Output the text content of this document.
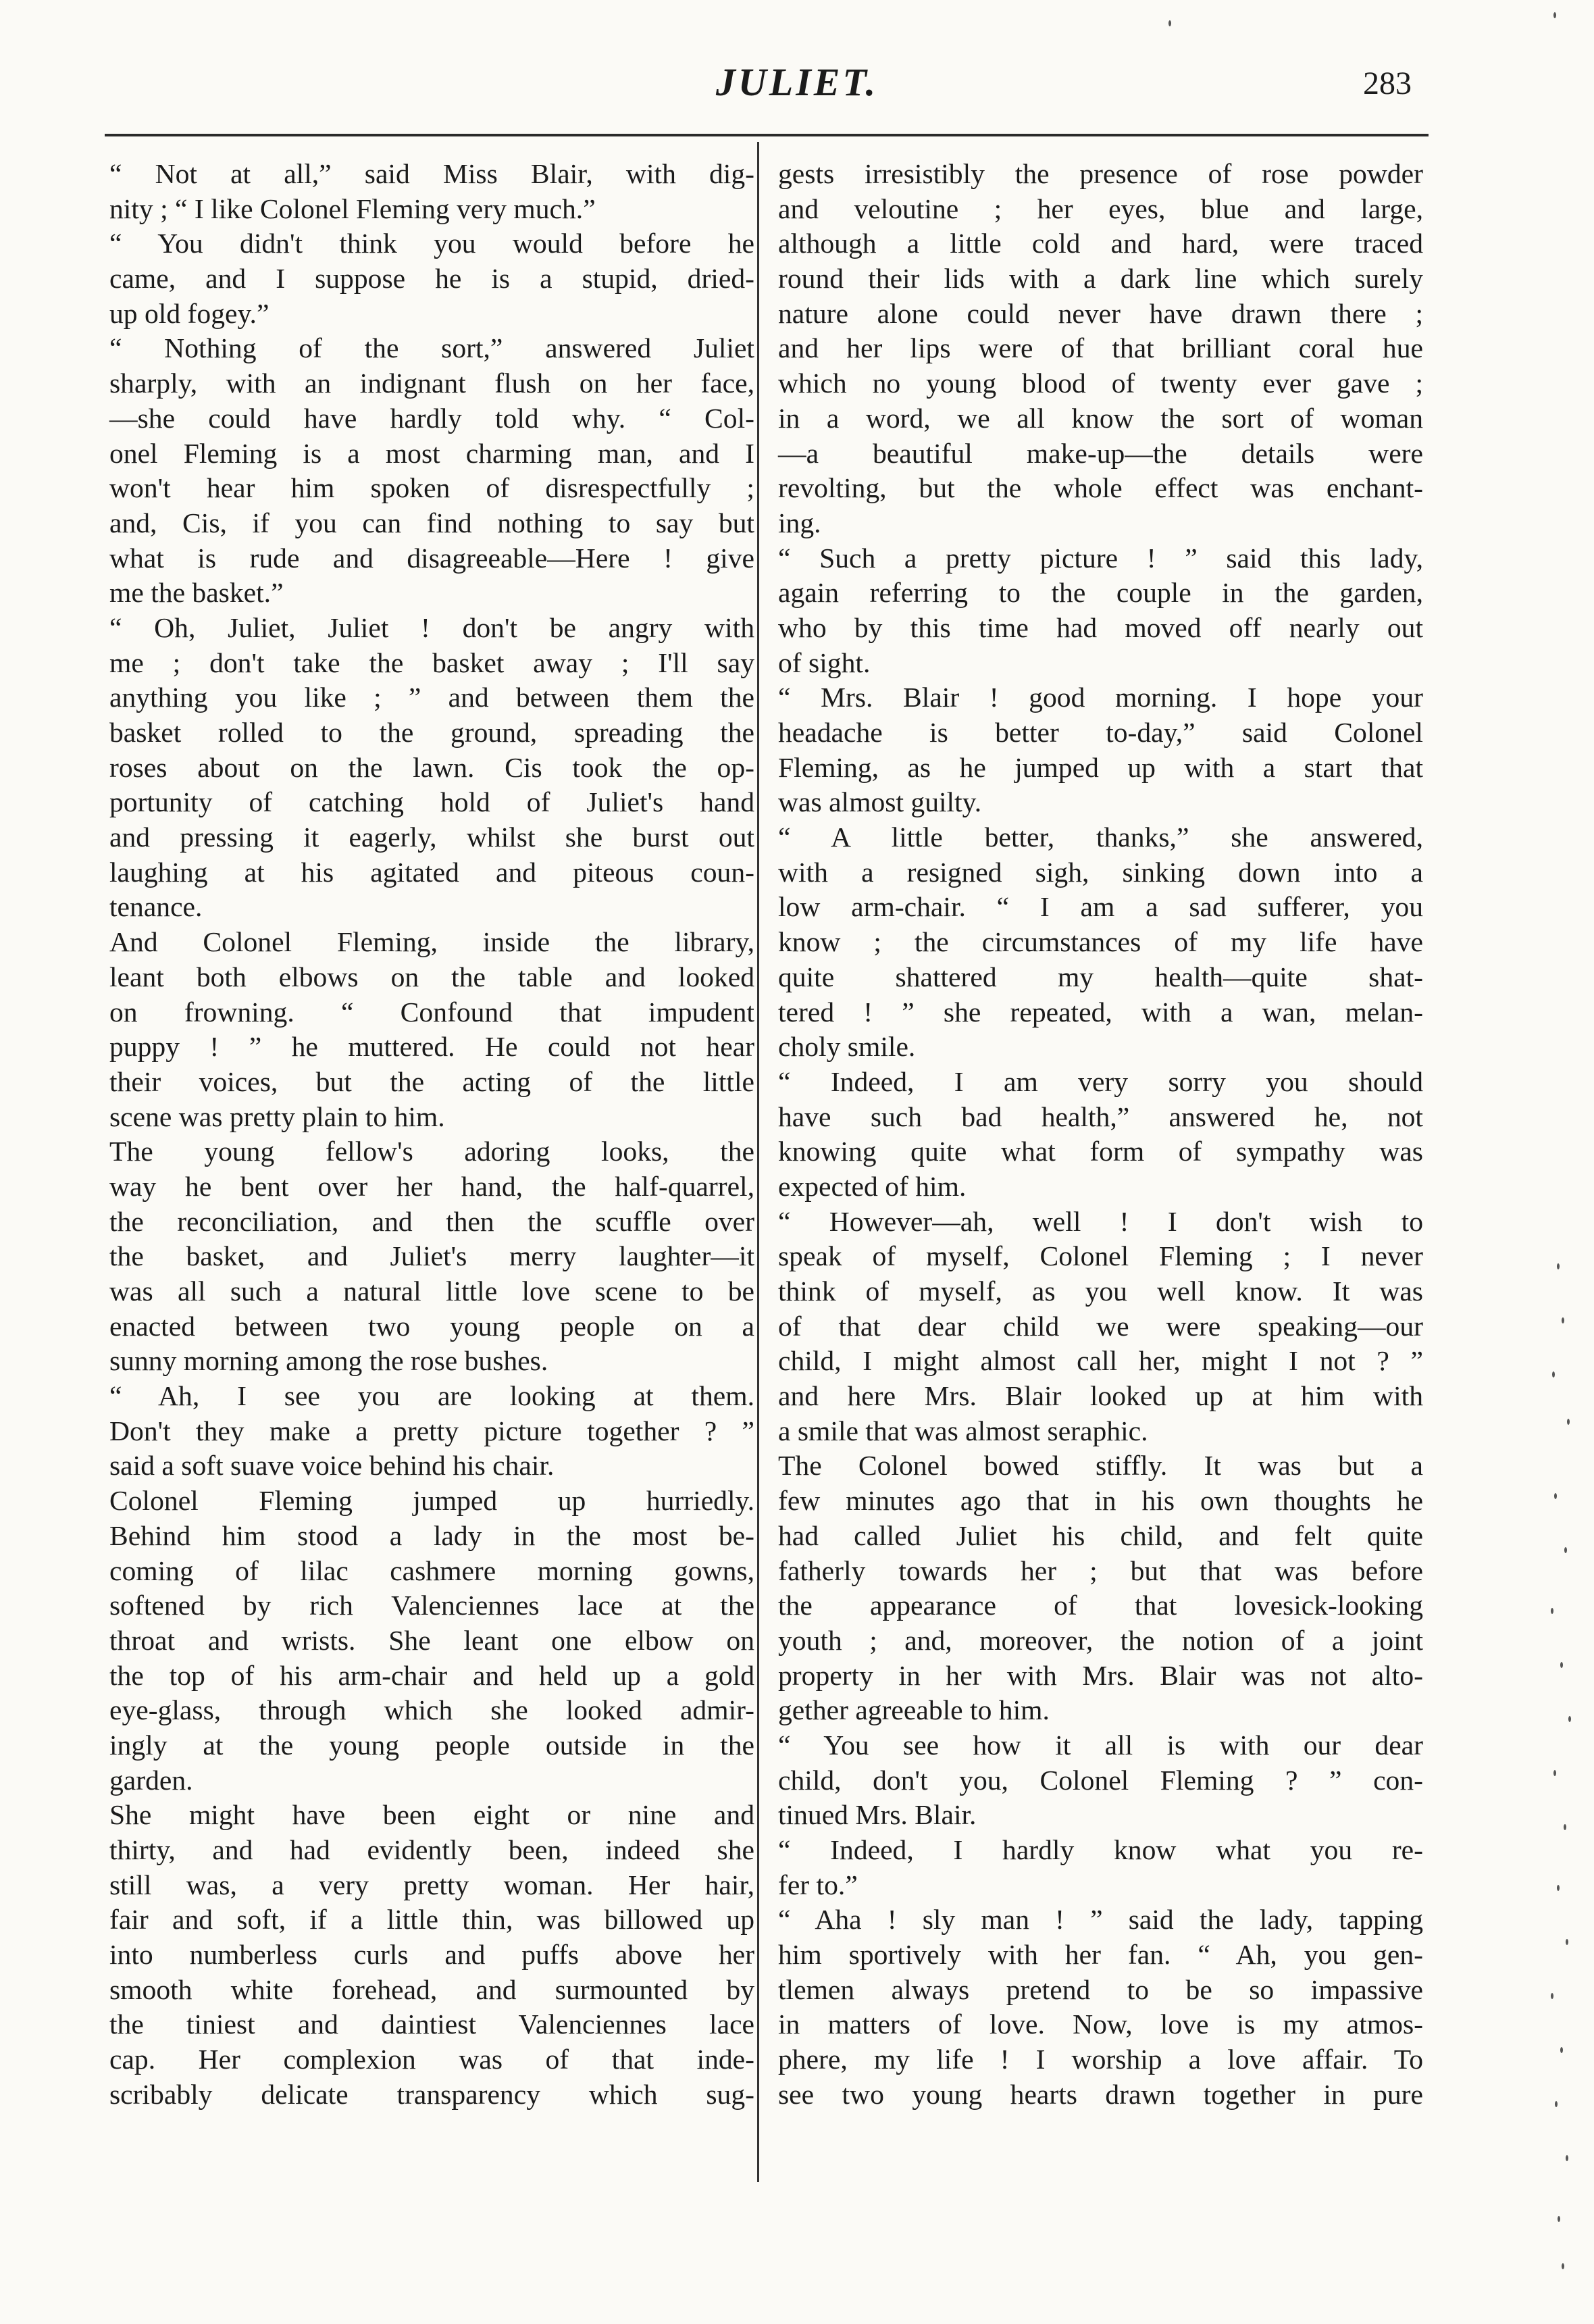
JULIET.	283
“ Not at all,” said Miss Blair, with dig-
nity ; “ I like Colonel Fleming very much.”
“ You didn't think you would before he
came, and I suppose he is a stupid, dried-
up old fogey.”
“ Nothing of the sort,” answered Juliet
sharply, with an indignant flush on her face,
—she could have hardly told why. “ Col-
onel Fleming is a most charming man, and I
won't hear him spoken of disrespectfully ;
and, Cis, if you can find nothing to say but
what is rude and disagreeable—Here ! give
me the basket.”
“ Oh, Juliet, Juliet ! don't be angry with
me ; don't take the basket away ; I'll say
anything you like ; ” and between them the
basket rolled to the ground, spreading the
roses about on the lawn. Cis took the op-
portunity of catching hold of Juliet's hand
and pressing it eagerly, whilst she burst out
laughing at his agitated and piteous coun-
tenance.
And Colonel Fleming, inside the library,
leant both elbows on the table and looked
on frowning. “ Confound that impudent
puppy ! ” he muttered. He could not hear
their voices, but the acting of the little
scene was pretty plain to him.
The young fellow's adoring looks, the
way he bent over her hand, the half-quarrel,
the reconciliation, and then the scuffle over
the basket, and Juliet's merry laughter—it
was all such a natural little love scene to be
enacted between two young people on a
sunny morning among the rose bushes.
“ Ah, I see you are looking at them.
Don't they make a pretty picture together ? ”
said a soft suave voice behind his chair.
Colonel Fleming jumped up hurriedly.
Behind him stood a lady in the most be-
coming of lilac cashmere morning gowns,
softened by rich Valenciennes lace at the
throat and wrists. She leant one elbow on
the top of his arm-chair and held up a gold
eye-glass, through which she looked admir-
ingly at the young people outside in the
garden.
She might have been eight or nine and
thirty, and had evidently been, indeed she
still was, a very pretty woman. Her hair,
fair and soft, if a little thin, was billowed up
into numberless curls and puffs above her
smooth white forehead, and surmounted by
the tiniest and daintiest Valenciennes lace
cap. Her complexion was of that inde-
scribably delicate transparency which sug-
gests irresistibly the presence of rose powder
and veloutine ; her eyes, blue and large,
although a little cold and hard, were traced
round their lids with a dark line which surely
nature alone could never have drawn there ;
and her lips were of that brilliant coral hue
which no young blood of twenty ever gave ;
in a word, we all know the sort of woman
—a beautiful make-up—the details were
revolting, but the whole effect was enchant-
ing.
“ Such a pretty picture ! ” said this lady,
again referring to the couple in the garden,
who by this time had moved off nearly out
of sight.
“ Mrs. Blair ! good morning. I hope your
headache is better to-day,” said Colonel
Fleming, as he jumped up with a start that
was almost guilty.
“ A little better, thanks,” she answered,
with a resigned sigh, sinking down into a
low arm-chair. “ I am a sad sufferer, you
know ; the circumstances of my life have
quite shattered my health—quite shat-
tered ! ” she repeated, with a wan, melan-
choly smile.
“ Indeed, I am very sorry you should
have such bad health,” answered he, not
knowing quite what form of sympathy was
expected of him.
“ However—ah, well ! I don't wish to
speak of myself, Colonel Fleming ; I never
think of myself, as you well know. It was
of that dear child we were speaking—our
child, I might almost call her, might I not ? ”
and here Mrs. Blair looked up at him with
a smile that was almost seraphic.
The Colonel bowed stiffly. It was but a
few minutes ago that in his own thoughts he
had called Juliet his child, and felt quite
fatherly towards her ; but that was before
the appearance of that lovesick-looking
youth ; and, moreover, the notion of a joint
property in her with Mrs. Blair was not alto-
gether agreeable to him.
“ You see how it all is with our dear
child, don't you, Colonel Fleming ? ” con-
tinued Mrs. Blair.
“ Indeed, I hardly know what you re-
fer to.”
“ Aha ! sly man ! ” said the lady, tapping
him sportively with her fan. “ Ah, you gen-
tlemen always pretend to be so impassive
in matters of love. Now, love is my atmos-
phere, my life ! I worship a love affair. To
see two young hearts drawn together in pure
